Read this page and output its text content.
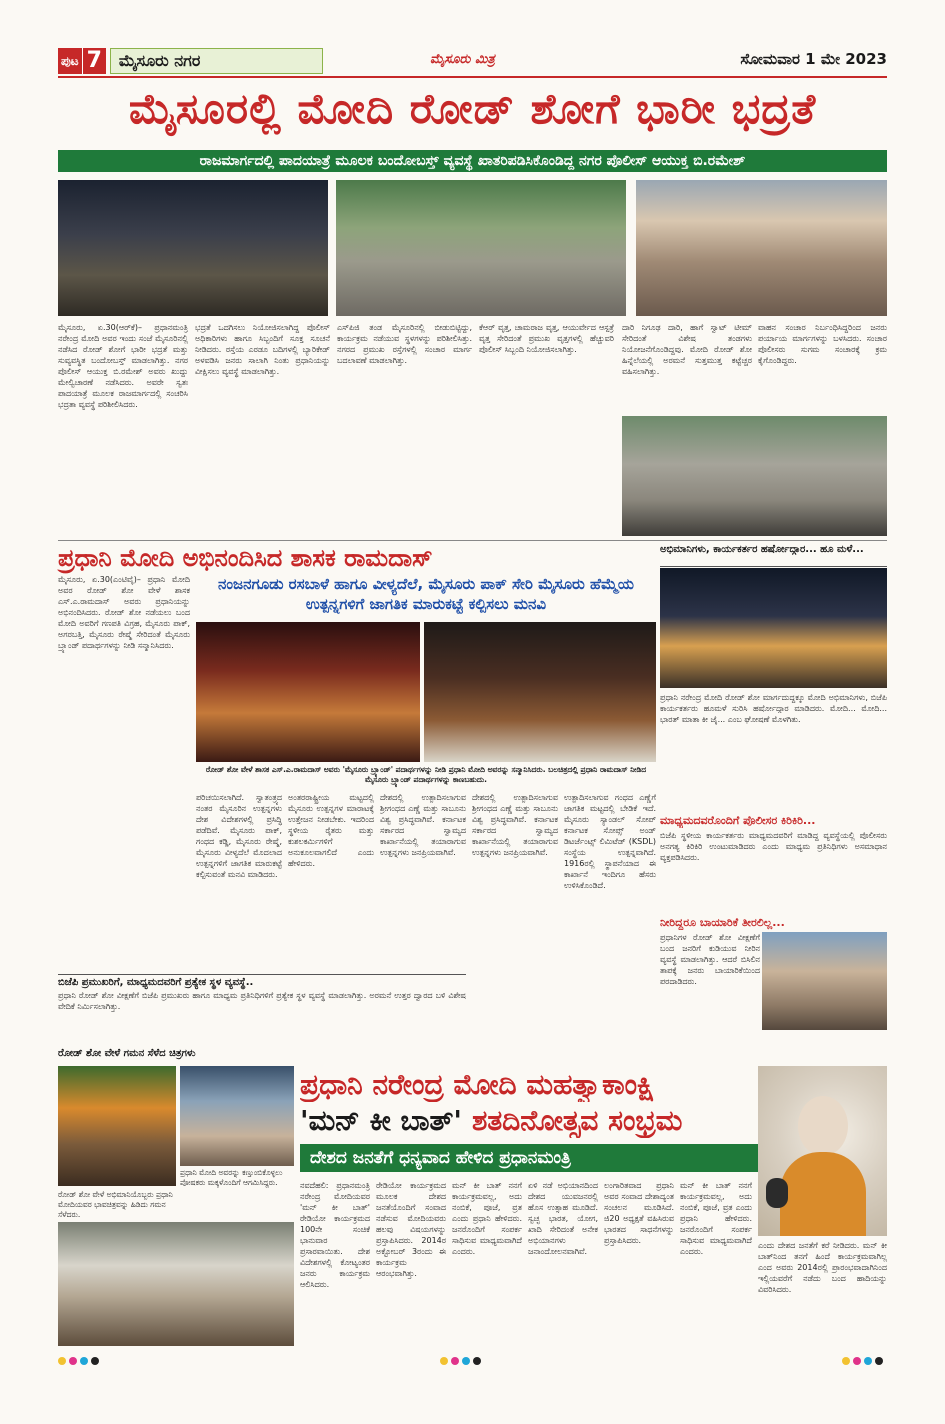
ಪುಟ 7	ಮೈಸೂರು ನಗರ	ಮೈಸೂರು ಮಿತ್ರ	ಸೋಮವಾರ 1 ಮೇ 2023
ಮೈಸೂರಲ್ಲಿ ಮೋದಿ ರೋಡ್ ಶೋಗೆ ಭಾರೀ ಭದ್ರತೆ
ರಾಜಮಾರ್ಗದಲ್ಲಿ ಪಾದಯಾತ್ರೆ ಮೂಲಕ ಬಂದೋಬಸ್ತ್ ವ್ಯವಸ್ಥೆ ಖಾತರಿಪಡಿಸಿಕೊಂಡಿದ್ದ ನಗರ ಪೊಲೀಸ್ ಆಯುಕ್ತ ಬಿ.ರಮೇಶ್
ಮೈಸೂರು, ಏ.30(ಆರ್‌ಕೆ)– ಪ್ರಧಾನಮಂತ್ರಿ ನರೇಂದ್ರ ಮೋದಿ ಅವರ ಇಂದು ಸಂಜೆ ಮೈಸೂರಿನಲ್ಲಿ ನಡೆಸಿದ ರೋಡ್ ಶೋಗೆ ಭಾರೀ ಭದ್ರತೆ ಮತ್ತು ಸುವ್ಯವಸ್ಥಿತ ಬಂದೋಬಸ್ತ್ ಮಾಡಲಾಗಿತ್ತು. ನಗರ ಪೊಲೀಸ್ ಆಯುಕ್ತ ಬಿ.ರಮೇಶ್ ಅವರು ಖುದ್ದು ಮೇಲ್ವಿಚಾರಣೆ ನಡೆಸಿದರು. ಅವರೇ ಸ್ವತಃ ಪಾದಯಾತ್ರೆ ಮೂಲಕ ರಾಜಮಾರ್ಗದಲ್ಲಿ ಸಂಚರಿಸಿ ಭದ್ರತಾ ವ್ಯವಸ್ಥೆ ಪರಿಶೀಲಿಸಿದರು.
ಭದ್ರತೆ ಒದಗಿಸಲು ನಿಯೋಜಿಸಲಾಗಿದ್ದ ಪೊಲೀಸ್ ಅಧಿಕಾರಿಗಳು ಹಾಗೂ ಸಿಬ್ಬಂದಿಗೆ ಸೂಕ್ತ ಸೂಚನೆ ನೀಡಿದರು. ರಸ್ತೆಯ ಎರಡೂ ಬದಿಗಳಲ್ಲಿ ಬ್ಯಾರಿಕೇಡ್ ಅಳವಡಿಸಿ ಜನರು ಸಾಲಾಗಿ ನಿಂತು ಪ್ರಧಾನಿಯನ್ನು ವೀಕ್ಷಿಸಲು ವ್ಯವಸ್ಥೆ ಮಾಡಲಾಗಿತ್ತು.
ಎಸ್‌ಪಿಜಿ ತಂಡ ಮೈಸೂರಿನಲ್ಲಿ ಬೀಡುಬಿಟ್ಟಿದ್ದು, ಕಾರ್ಯಕ್ರಮ ನಡೆಯುವ ಸ್ಥಳಗಳನ್ನು ಪರಿಶೀಲಿಸಿತ್ತು. ನಗರದ ಪ್ರಮುಖ ರಸ್ತೆಗಳಲ್ಲಿ ಸಂಚಾರ ಮಾರ್ಗ ಬದಲಾವಣೆ ಮಾಡಲಾಗಿತ್ತು.
ಕೆಆರ್ ವೃತ್ತ, ಚಾಮರಾಜ ವೃತ್ತ, ಆಯುರ್ವೇದ ಆಸ್ಪತ್ರೆ ವೃತ್ತ ಸೇರಿದಂತೆ ಪ್ರಮುಖ ವೃತ್ತಗಳಲ್ಲಿ ಹೆಚ್ಚುವರಿ ಪೊಲೀಸ್ ಸಿಬ್ಬಂದಿ ನಿಯೋಜಿಸಲಾಗಿತ್ತು.
ದಾರಿ ನಿಗೂಢ ದಾರಿ, ಹಾಗೆ ಸ್ವಾಟ್ ಟೀಮ್ ಸೇರಿದಂತೆ ವಿಶೇಷ ತಂಡಗಳು ನಿಯೋಜನೆಗೊಂಡಿದ್ದವು. ಮೋದಿ ರೋಡ್ ಶೋ ಹಿನ್ನೆಲೆಯಲ್ಲಿ ಅರಮನೆ ಸುತ್ತಮುತ್ತ ಕಟ್ಟೆಚ್ಚರ ವಹಿಸಲಾಗಿತ್ತು.
ವಾಹನ ಸಂಚಾರ ನಿರ್ಬಂಧಿಸಿದ್ದರಿಂದ ಜನರು ಪರ್ಯಾಯ ಮಾರ್ಗಗಳನ್ನು ಬಳಸಿದರು. ಸಂಚಾರ ಪೊಲೀಸರು ಸುಗಮ ಸಂಚಾರಕ್ಕೆ ಕ್ರಮ ಕೈಗೊಂಡಿದ್ದರು.
ಪ್ರಧಾನಿ ಮೋದಿ ಅಭಿನಂದಿಸಿದ ಶಾಸಕ ರಾಮದಾಸ್
ನಂಜನಗೂಡು ರಸಬಾಳೆ ಹಾಗೂ ವೀಳ್ಯದೆಲೆ, ಮೈಸೂರು ಪಾಕ್ ಸೇರಿ ಮೈಸೂರು ಹೆಮ್ಮೆಯ ಉತ್ಪನ್ನಗಳಿಗೆ ಜಾಗತಿಕ ಮಾರುಕಟ್ಟೆ ಕಲ್ಪಿಸಲು ಮನವಿ
ಮೈಸೂರು, ಏ.30(ಎಂಟಿವೈ)– ಪ್ರಧಾನಿ ಮೋದಿ ಅವರ ರೋಡ್ ಶೋ ವೇಳೆ ಶಾಸಕ ಎಸ್.ಎ.ರಾಮದಾಸ್ ಅವರು ಪ್ರಧಾನಿಯನ್ನು ಅಭಿನಂದಿಸಿದರು. ರೋಡ್ ಶೋ ನಡೆಯಲು ಬಂದ ಮೋದಿ ಅವರಿಗೆ ಗಣಪತಿ ವಿಗ್ರಹ, ಮೈಸೂರು ಪಾಕ್, ಅಗರಬತ್ತಿ, ಮೈಸೂರು ರೇಷ್ಮೆ ಸೇರಿದಂತೆ ಮೈಸೂರು ಬ್ರ್ಯಾಂಡ್ ಪದಾರ್ಥಗಳನ್ನು ನೀಡಿ ಸನ್ಮಾನಿಸಿದರು.
ರೋಡ್ ಶೋ ವೇಳೆ ಶಾಸಕ ಎಸ್.ಎ.ರಾಮದಾಸ್ ಅವರು 'ಮೈಸೂರು ಬ್ರ್ಯಾಂಡ್' ಪದಾರ್ಥಗಳನ್ನು ನೀಡಿ ಪ್ರಧಾನಿ ಮೋದಿ ಅವರನ್ನು ಸನ್ಮಾನಿಸಿದರು. ಬಲಚಿತ್ರದಲ್ಲಿ ಪ್ರಧಾನಿ ರಾಮದಾಸ್ ನೀಡಿದ ಮೈಸೂರು ಬ್ರ್ಯಾಂಡ್ ಪದಾರ್ಥಗಳನ್ನು ಕಾಣಬಹುದು.
ಪರಿಚಯಿಸಲಾಗಿದೆ. ಸ್ವಾತಂತ್ರ್ಯದ ನಂತರ ಮೈಸೂರಿನ ಉತ್ಪನ್ನಗಳು ದೇಶ ವಿದೇಶಗಳಲ್ಲಿ ಪ್ರಸಿದ್ಧಿ ಪಡೆದಿವೆ. ಮೈಸೂರು ಪಾಕ್, ಗಂಧದ ಕಡ್ಡಿ, ಮೈಸೂರು ರೇಷ್ಮೆ, ಮೈಸೂರು ವೀಳ್ಯದೆಲೆ ಮೊದಲಾದ ಉತ್ಪನ್ನಗಳಿಗೆ ಜಾಗತಿಕ ಮಾರುಕಟ್ಟೆ ಕಲ್ಪಿಸುವಂತೆ ಮನವಿ ಮಾಡಿದರು.
ಅಂತರರಾಷ್ಟ್ರೀಯ ಮಟ್ಟದಲ್ಲಿ ಮೈಸೂರು ಉತ್ಪನ್ನಗಳ ಮಾರಾಟಕ್ಕೆ ಉತ್ತೇಜನ ನೀಡಬೇಕು. ಇದರಿಂದ ಸ್ಥಳೀಯ ರೈತರು ಮತ್ತು ಕುಶಲಕರ್ಮಿಗಳಿಗೆ ಅನುಕೂಲವಾಗಲಿದೆ ಎಂದು ಹೇಳಿದರು.
ದೇಶದಲ್ಲಿ ಉತ್ಪಾದಿಸಲಾಗುವ ಶ್ರೀಗಂಧದ ಎಣ್ಣೆ ಮತ್ತು ಸಾಬೂನು ವಿಶ್ವ ಪ್ರಸಿದ್ಧವಾಗಿವೆ. ಕರ್ನಾಟಕ ಸರ್ಕಾರದ ಸ್ವಾಮ್ಯದ ಕಾರ್ಖಾನೆಯಲ್ಲಿ ತಯಾರಾಗುವ ಉತ್ಪನ್ನಗಳು ಜನಪ್ರಿಯವಾಗಿವೆ.
ದೇಶದಲ್ಲಿ ಉತ್ಪಾದಿಸಲಾಗುವ ಶ್ರೀಗಂಧದ ಎಣ್ಣೆ ಮತ್ತು ಸಾಬೂನು ವಿಶ್ವ ಪ್ರಸಿದ್ಧವಾಗಿವೆ. ಕರ್ನಾಟಕ ಸರ್ಕಾರದ ಸ್ವಾಮ್ಯದ ಕಾರ್ಖಾನೆಯಲ್ಲಿ ತಯಾರಾಗುವ ಉತ್ಪನ್ನಗಳು ಜನಪ್ರಿಯವಾಗಿವೆ.
ಉತ್ಪಾದಿಸಲಾಗುವ ಗಂಧದ ಎಣ್ಣೆಗೆ ಜಾಗತಿಕ ಮಟ್ಟದಲ್ಲಿ ಬೇಡಿಕೆ ಇದೆ. ಮೈಸೂರು ಸ್ಯಾಂಡಲ್ ಸೋಪ್ ಕರ್ನಾಟಕ ಸೋಪ್ಸ್ ಅಂಡ್ ಡಿಟರ್ಜೆಂಟ್ಸ್ ಲಿಮಿಟೆಡ್ (KSDL) ಸಂಸ್ಥೆಯ ಉತ್ಪನ್ನವಾಗಿದೆ. 1916ರಲ್ಲಿ ಸ್ಥಾಪನೆಯಾದ ಈ ಕಾರ್ಖಾನೆ ಇಂದಿಗೂ ಹೆಸರು ಉಳಿಸಿಕೊಂಡಿದೆ.
ಬಿಜೆಪಿ ಪ್ರಮುಖರಿಗೆ, ಮಾಧ್ಯಮದವರಿಗೆ ಪ್ರತ್ಯೇಕ ಸ್ಥಳ ವ್ಯವಸ್ಥೆ..
ಪ್ರಧಾನಿ ರೋಡ್ ಶೋ ವೀಕ್ಷಣೆಗೆ ಬಿಜೆಪಿ ಪ್ರಮುಖರು ಹಾಗೂ ಮಾಧ್ಯಮ ಪ್ರತಿನಿಧಿಗಳಿಗೆ ಪ್ರತ್ಯೇಕ ಸ್ಥಳ ವ್ಯವಸ್ಥೆ ಮಾಡಲಾಗಿತ್ತು. ಅರಮನೆ ಉತ್ತರ ದ್ವಾರದ ಬಳಿ ವಿಶೇಷ ವೇದಿಕೆ ನಿರ್ಮಿಸಲಾಗಿತ್ತು.
ಅಭಿಮಾನಿಗಳು, ಕಾರ್ಯಕರ್ತರ ಹರ್ಷೋದ್ಗಾರ... ಹೂ ಮಳೆ...
ಪ್ರಧಾನಿ ನರೇಂದ್ರ ಮೋದಿ ರೋಡ್ ಶೋ ಮಾರ್ಗದುದ್ದಕ್ಕೂ ಮೋದಿ ಅಭಿಮಾನಿಗಳು, ಬಿಜೆಪಿ ಕಾರ್ಯಕರ್ತರು ಹೂಮಳೆ ಸುರಿಸಿ ಹರ್ಷೋದ್ಗಾರ ಮಾಡಿದರು. ಮೋದಿ... ಮೋದಿ... ಭಾರತ್ ಮಾತಾ ಕೀ ಜೈ... ಎಂಬ ಘೋಷಣೆ ಮೊಳಗಿತು.
ಮಾಧ್ಯಮದವರೊಂದಿಗೆ ಪೊಲೀಸರ ಕಿರಿಕಿರಿ...
ಬಿಜೆಪಿ ಸ್ಥಳೀಯ ಕಾರ್ಯಕರ್ತರು ಮಾಧ್ಯಮದವರಿಗೆ ಮಾಡಿದ್ದ ವ್ಯವಸ್ಥೆಯಲ್ಲಿ ಪೊಲೀಸರು ಅನಗತ್ಯ ಕಿರಿಕಿರಿ ಉಂಟುಮಾಡಿದರು ಎಂದು ಮಾಧ್ಯಮ ಪ್ರತಿನಿಧಿಗಳು ಅಸಮಾಧಾನ ವ್ಯಕ್ತಪಡಿಸಿದರು.
ನೀರಿದ್ದರೂ ಬಾಯಾರಿಕೆ ತೀರಲಿಲ್ಲ...
ಪ್ರಧಾನಿಗಳ ರೋಡ್ ಶೋ ವೀಕ್ಷಣೆಗೆ ಬಂದ ಜನರಿಗೆ ಕುಡಿಯುವ ನೀರಿನ ವ್ಯವಸ್ಥೆ ಮಾಡಲಾಗಿತ್ತು. ಆದರೆ ಬಿಸಿಲಿನ ತಾಪಕ್ಕೆ ಜನರು ಬಾಯಾರಿಕೆಯಿಂದ ಪರದಾಡಿದರು.
ರೋಡ್ ಶೋ ವೇಳೆ ಗಮನ ಸೆಳೆದ ಚಿತ್ರಗಳು
ಪ್ರಧಾನಿ ಮೋದಿ ಅವರನ್ನು ಕಣ್ತುಂಬಿಕೊಳ್ಳಲು ಪೋಷಕರು ಮಕ್ಕಳೊಂದಿಗೆ ಆಗಮಿಸಿದ್ದರು.
ರೋಡ್ ಶೋ ವೇಳೆ ಅಭಿಮಾನಿಯೊಬ್ಬರು ಪ್ರಧಾನಿ ಮೋದಿಯವರ ಭಾವಚಿತ್ರವನ್ನು ಹಿಡಿದು ಗಮನ ಸೆಳೆದರು.
ಪ್ರಧಾನಿ ನರೇಂದ್ರ ಮೋದಿ ಮಹತ್ವಾಕಾಂಕ್ಷಿ
'ಮನ್ ಕೀ ಬಾತ್' ಶತದಿನೋತ್ಸವ ಸಂಭ್ರಮ
ದೇಶದ ಜನತೆಗೆ ಧನ್ಯವಾದ ಹೇಳಿದ ಪ್ರಧಾನಮಂತ್ರಿ
ನವದೆಹಲಿ: ಪ್ರಧಾನಮಂತ್ರಿ ನರೇಂದ್ರ ಮೋದಿಯವರ 'ಮನ್ ಕೀ ಬಾತ್' ರೇಡಿಯೋ ಕಾರ್ಯಕ್ರಮದ 100ನೇ ಸಂಚಿಕೆ ಭಾನುವಾರ ಪ್ರಸಾರವಾಯಿತು. ದೇಶ ವಿದೇಶಗಳಲ್ಲಿ ಕೋಟ್ಯಂತರ ಜನರು ಕಾರ್ಯಕ್ರಮ ಆಲಿಸಿದರು.
ರೇಡಿಯೋ ಕಾರ್ಯಕ್ರಮದ ಮೂಲಕ ದೇಶದ ಜನತೆಯೊಂದಿಗೆ ಸಂವಾದ ನಡೆಸುವ ಮೋದಿಯವರು ಹಲವು ವಿಷಯಗಳನ್ನು ಪ್ರಸ್ತಾಪಿಸಿದರು. 2014ರ ಅಕ್ಟೋಬರ್ 3ರಂದು ಈ ಕಾರ್ಯಕ್ರಮ ಆರಂಭವಾಗಿತ್ತು.
ಮನ್ ಕೀ ಬಾತ್ ನನಗೆ ಕಾರ್ಯಕ್ರಮವಲ್ಲ, ಅದು ನಂಬಿಕೆ, ಪೂಜೆ, ವ್ರತ ಎಂದು ಪ್ರಧಾನಿ ಹೇಳಿದರು. ಜನರೊಂದಿಗೆ ಸಂಪರ್ಕ ಸಾಧಿಸುವ ಮಾಧ್ಯಮವಾಗಿದೆ ಎಂದರು.
ಏಳಿ ನಡೆ ಅಭಿಯಾನದಿಂದ ದೇಶದ ಯುವಜನರಲ್ಲಿ ಹೊಸ ಉತ್ಸಾಹ ಮೂಡಿದೆ. ಸ್ವಚ್ಛ ಭಾರತ, ಯೋಗ, ಖಾದಿ ಸೇರಿದಂತೆ ಅನೇಕ ಅಭಿಯಾನಗಳು ಜನಾಂದೋಲನವಾಗಿವೆ.
ಲಂಗಾರಿತವಾದ ಪ್ರಧಾನಿ ಅವರ ಸಂವಾದ ದೇಶಾದ್ಯಂತ ಸಂಚಲನ ಮೂಡಿಸಿದೆ. ಜಿ20 ಅಧ್ಯಕ್ಷತೆ ವಹಿಸಿರುವ ಭಾರತದ ಸಾಧನೆಗಳನ್ನು ಪ್ರಸ್ತಾಪಿಸಿದರು.
ಎಂದು ದೇಶದ ಜನತೆಗೆ ಕರೆ ನೀಡಿದರು. ಮನ್ ಕೀ ಬಾತ್‌ನಿಂದ ತನಗೆ ಹಿಂದೆ ಕಾರ್ಯಕ್ರಮವಾಗಿಲ್ಲ ಎಂದ ಅವರು 2014ರಲ್ಲಿ ಪ್ರಾರಂಭವಾದಾಗಿನಿಂದ ಇಲ್ಲಿಯವರೆಗೆ ನಡೆದು ಬಂದ ಹಾದಿಯನ್ನು ವಿವರಿಸಿದರು.
ಮನ್ ಕೀ ಬಾತ್ ನನಗೆ ಕಾರ್ಯಕ್ರಮವಲ್ಲ, ಅದು ನಂಬಿಕೆ, ಪೂಜೆ, ವ್ರತ ಎಂದು ಪ್ರಧಾನಿ ಹೇಳಿದರು. ಜನರೊಂದಿಗೆ ಸಂಪರ್ಕ ಸಾಧಿಸುವ ಮಾಧ್ಯಮವಾಗಿದೆ ಎಂದರು.
